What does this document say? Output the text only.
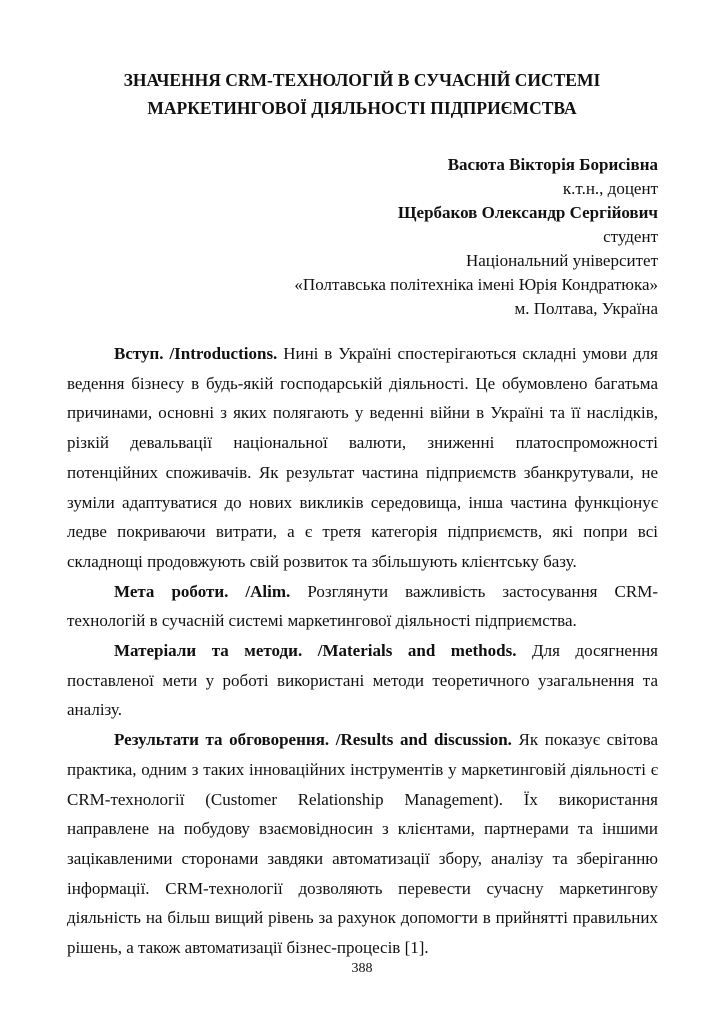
ЗНАЧЕННЯ CRM-ТЕХНОЛОГІЙ В СУЧАСНІЙ СИСТЕМІ
МАРКЕТИНГОВОЇ ДІЯЛЬНОСТІ ПІДПРИЄМСТВА
Васюта Вікторія Борисівна
к.т.н., доцент
Щербаков Олександр Сергійович
студент
Національний університет
«Полтавська політехніка імені Юрія Кондратюка»
м. Полтава, Україна

Вступ. /Introductions. Нині в Україні спостерігаються складні умови для ведення бізнесу в будь-якій господарській діяльності. Це обумовлено багатьма причинами, основні з яких полягають у веденні війни в Україні та її наслідків, різкій девальвації національної валюти, зниженні платоспроможності потенційних споживачів. Як результат частина підприємств збанкрутували, не зуміли адаптуватися до нових викликів середовища, інша частина функціонує ледве покриваючи витрати, а є третя категорія підприємств, які попри всі складнощі продовжують свій розвиток та збільшують клієнтську базу.

Мета роботи. /Alim. Розглянути важливість застосування CRM-технологій в сучасній системі маркетингової діяльності підприємства.

Матеріали та методи. /Materials and methods. Для досягнення поставленої мети у роботі використані методи теоретичного узагальнення та аналізу.

Результати та обговорення. /Results and discussion. Як показує світова практика, одним з таких інноваційних інструментів у маркетинговій діяльності є CRM-технології (Customer Relationship Management). Їх використання направлене на побудову взаємовідносин з клієнтами, партнерами та іншими зацікавленими сторонами завдяки автоматизації збору, аналізу та зберіганню інформації. CRM-технології дозволяють перевести сучасну маркетингову діяльність на більш вищий рівень за рахунок допомогти в прийнятті правильних рішень, а також автоматизації бізнес-процесів [1].

388
